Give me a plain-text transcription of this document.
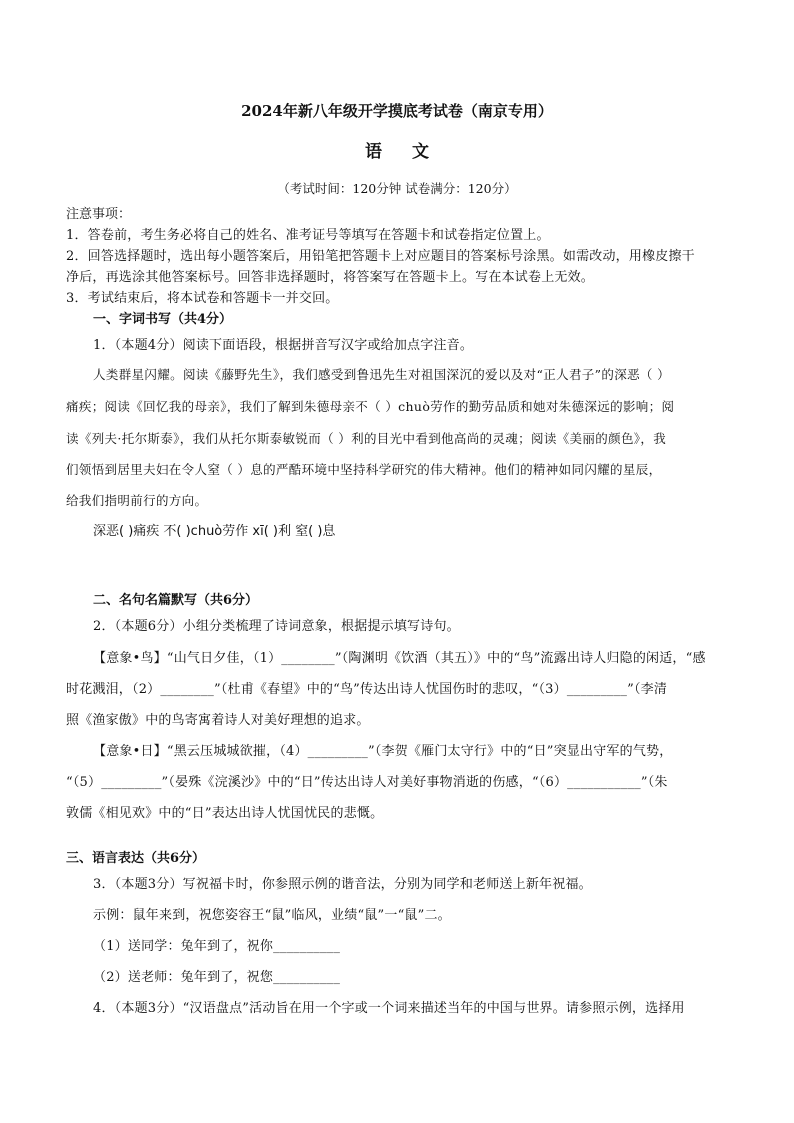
2024年新八年级开学摸底考试卷（南京专用）
语文
（考试时间：120分钟 试卷满分：120分）
注意事项：
1．答卷前，考生务必将自己的姓名、准考证号等填写在答题卡和试卷指定位置上。
2．回答选择题时，选出每小题答案后，用铅笔把答题卡上对应题目的答案标号涂黑。如需改动，用橡皮擦干
净后，再选涂其他答案标号。回答非选择题时，将答案写在答题卡上。写在本试卷上无效。
3．考试结束后，将本试卷和答题卡一并交回。
一、字词书写（共4分）
1．（本题4分）阅读下面语段，根据拼音写汉字或给加点字注音。
人类群星闪耀。阅读《藤野先生》，我们感受到鲁迅先生对祖国深沉的爱以及对“正人君子”的深恶（ ）
痛疾；阅读《回忆我的母亲》，我们了解到朱德母亲不（ ）chuò劳作的勤劳品质和她对朱德深远的影响；阅
读《列夫·托尔斯泰》，我们从托尔斯泰敏锐而（ ）利的目光中看到他高尚的灵魂；阅读《美丽的颜色》，我
们领悟到居里夫妇在令人窒（ ）息的严酷环境中坚持科学研究的伟大精神。他们的精神如同闪耀的星辰，
给我们指明前行的方向。
深恶( )痛疾 不( )chuò劳作 xī( )利 窒( )息
二、名句名篇默写（共6分）
2．（本题6分）小组分类梳理了诗词意象，根据提示填写诗句。
【意象•鸟】“山气日夕佳，（1）________”（陶渊明《饮酒（其五）》中的“鸟”流露出诗人归隐的闲适，“感
时花溅泪，（2）________”（杜甫《春望》中的“鸟”传达出诗人忧国伤时的悲叹，“（3）_________”（李清
照《渔家傲》中的鸟寄寓着诗人对美好理想的追求。
【意象•日】“黑云压城城欲摧，（4）_________”（李贺《雁门太守行》中的“日”突显出守军的气势，
“（5）_________”（晏殊《浣溪沙》中的“日”传达出诗人对美好事物消逝的伤感，“（6）___________”（朱
敦儒《相见欢》中的“日”表达出诗人忧国忧民的悲慨。
三、语言表达（共6分）
3．（本题3分）写祝福卡时，你参照示例的谐音法，分别为同学和老师送上新年祝福。
示例：鼠年来到，祝您姿容王“鼠”临风，业绩“鼠”一“鼠”二。
（1）送同学：兔年到了，祝你__________
（2）送老师：兔年到了，祝您__________
4．（本题3分）“汉语盘点”活动旨在用一个字或一个词来描述当年的中国与世界。请参照示例，选择用
